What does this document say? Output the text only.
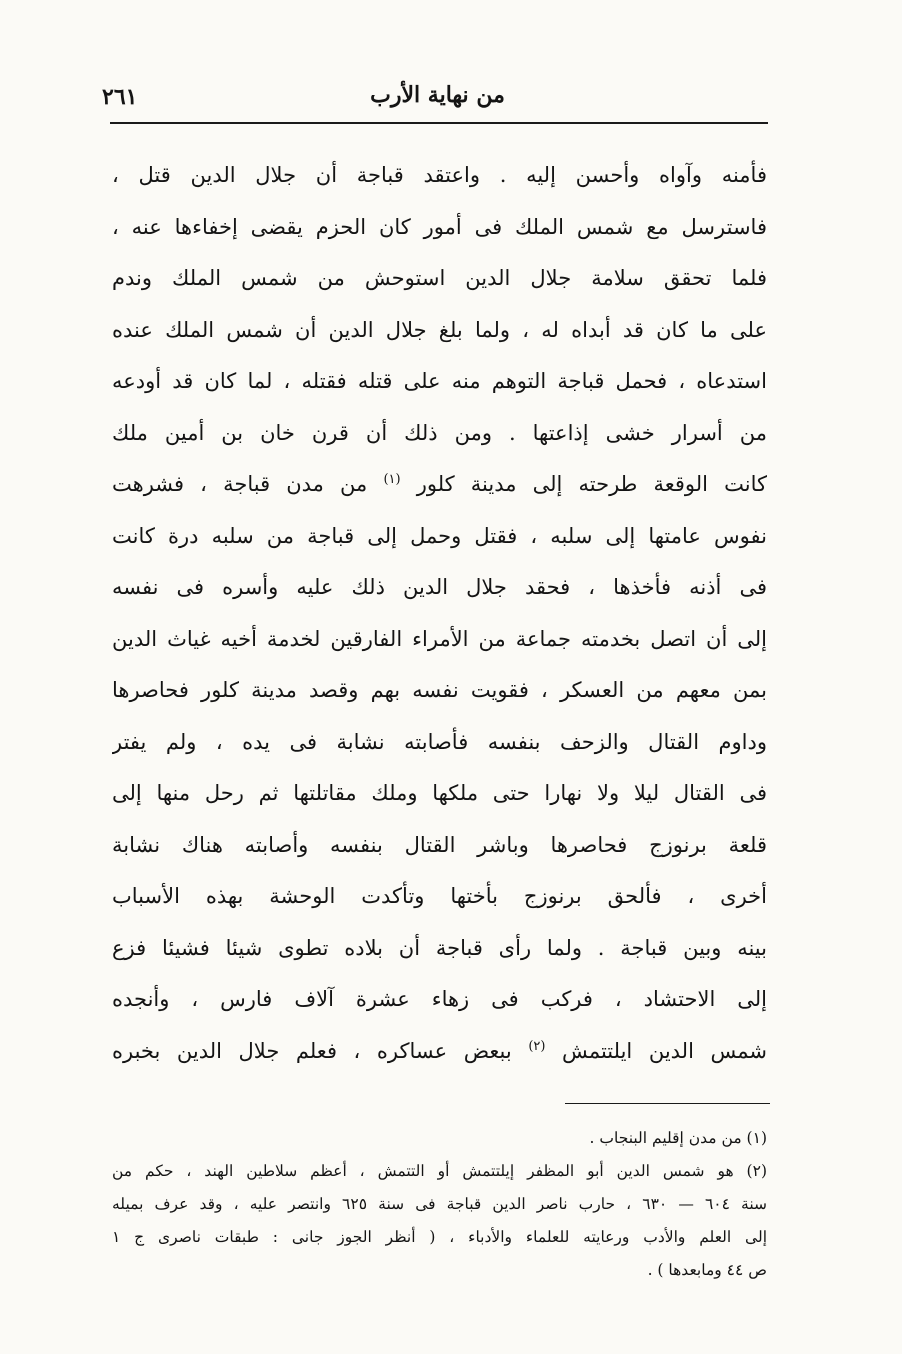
من نهاية الأرب
٢٦١
فأمنه وآواه وأحسن إليه . واعتقد قباجة أن جلال الدين قتل ،
فاسترسل مع شمس الملك فى أمور كان الحزم يقضى إخفاءها عنه ،
فلما تحقق سلامة جلال الدين استوحش من شمس الملك وندم
على ما كان قد أبداه له ، ولما بلغ جلال الدين أن شمس الملك عنده
استدعاه ، فحمل قباجة التوهم منه على قتله فقتله ، لما كان قد أودعه
من أسرار خشى إذاعتها . ومن ذلك أن قرن خان بن أمين ملك
كانت الوقعة طرحته إلى مدينة كلور $^{(١)}$ من مدن قباجة ، فشرهت
نفوس عامتها إلى سلبه ، فقتل وحمل إلى قباجة من سلبه درة كانت
فى أذنه فأخذها ، فحقد جلال الدين ذلك عليه وأسره فى نفسه
إلى أن اتصل بخدمته جماعة من الأمراء الفارقين لخدمة أخيه غياث الدين
بمن معهم من العسكر ، فقويت نفسه بهم وقصد مدينة كلور فحاصرها
وداوم القتال والزحف بنفسه فأصابته نشابة فى يده ، ولم يفتر
فى القتال ليلا ولا نهارا حتى ملكها وملك مقاتلتها ثم رحل منها إلى
قلعة برنوزج فحاصرها وباشر القتال بنفسه وأصابته هناك نشابة
أخرى ، فألحق برنوزج بأختها وتأكدت الوحشة بهذه الأسباب
بينه وبين قباجة . ولما رأى قباجة أن بلاده تطوى شيئا فشيئا فزع
إلى الاحتشاد ، فركب فى زهاء عشرة آلاف فارس ، وأنجده
شمس الدين ايلتتمش $^{(٢)}$ ببعض عساكره ، فعلم جلال الدين بخبره
(١) من مدن إقليم البنجاب .
(٢) هو شمس الدين أبو المظفر إيلتتمش أو التتمش ، أعظم سلاطين الهند ، حكم من
سنة ٦٠٤ — ٦٣٠ ، حارب ناصر الدين قباجة فى سنة ٦٢٥ وانتصر عليه ، وقد عرف بميله
إلى العلم والأدب ورعايته للعلماء والأدباء ، ( أنظر الجوز جانى : طبقات ناصرى ج ١
ص ٤٤ ومابعدها ) .
